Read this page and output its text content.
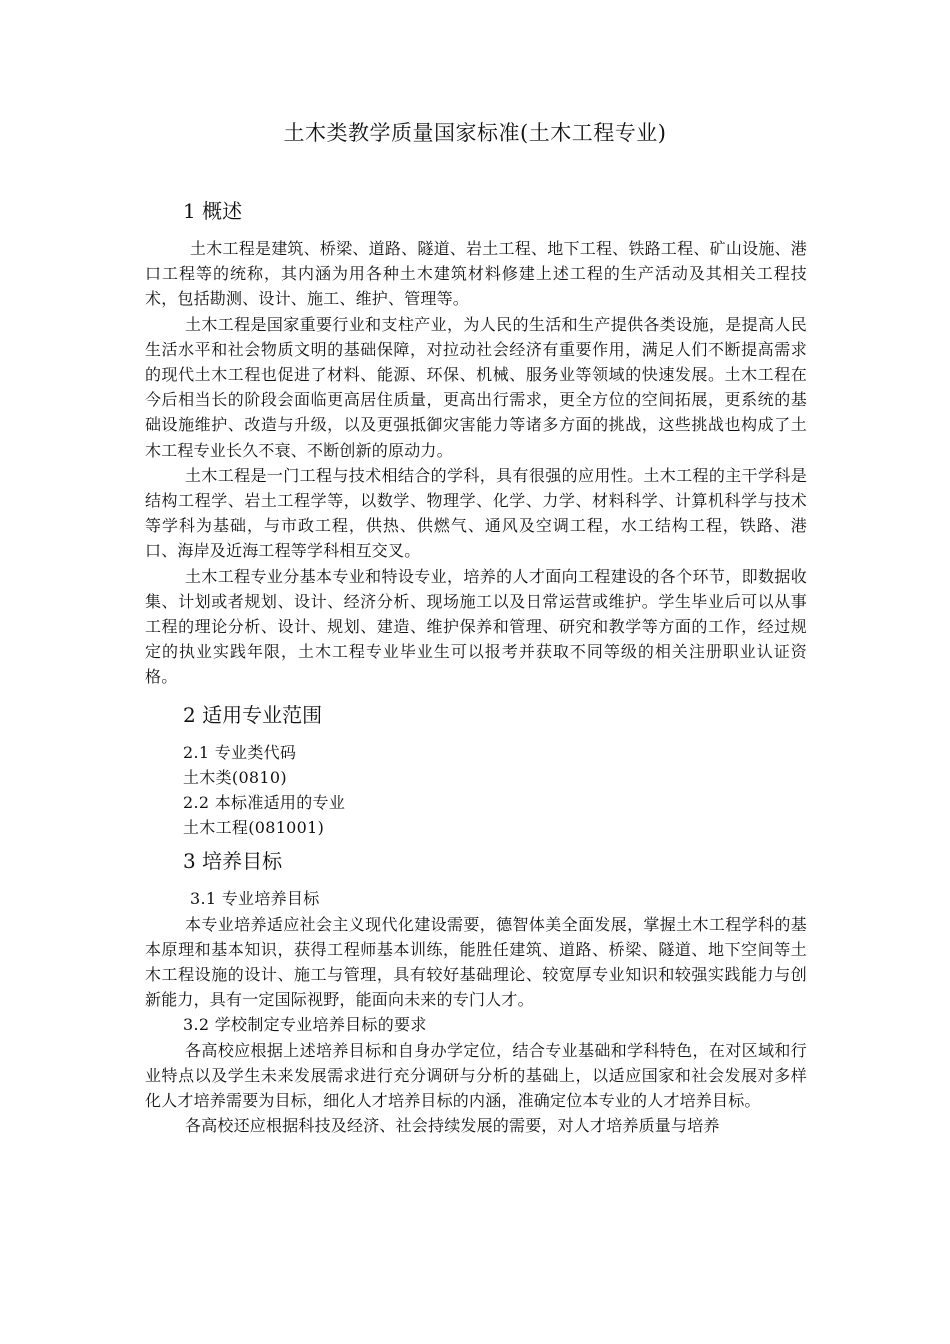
土木类教学质量国家标准(土木工程专业)
1 概述

土木工程是建筑、桥梁、道路、隧道、岩土工程、地下工程、铁路工程、矿山设施、港口工程等的统称，其内涵为用各种土木建筑材料修建上述工程的生产活动及其相关工程技术，包括勘测、设计、施工、维护、管理等。

土木工程是国家重要行业和支柱产业，为人民的生活和生产提供各类设施，是提高人民生活水平和社会物质文明的基础保障，对拉动社会经济有重要作用，满足人们不断提高需求的现代土木工程也促进了材料、能源、环保、机械、服务业等领域的快速发展。土木工程在今后相当长的阶段会面临更高居住质量，更高出行需求，更全方位的空间拓展，更系统的基础设施维护、改造与升级，以及更强抵御灾害能力等诸多方面的挑战，这些挑战也构成了土木工程专业长久不衰、不断创新的原动力。

土木工程是一门工程与技术相结合的学科，具有很强的应用性。土木工程的主干学科是结构工程学、岩土工程学等，以数学、物理学、化学、力学、材料科学、计算机科学与技术等学科为基础，与市政工程，供热、供燃气、通风及空调工程，水工结构工程，铁路、港口、海岸及近海工程等学科相互交叉。

土木工程专业分基本专业和特设专业，培养的人才面向工程建设的各个环节，即数据收集、计划或者规划、设计、经济分析、现场施工以及日常运营或维护。学生毕业后可以从事工程的理论分析、设计、规划、建造、维护保养和管理、研究和教学等方面的工作，经过规定的执业实践年限，土木工程专业毕业生可以报考并获取不同等级的相关注册职业认证资格。

2 适用专业范围

2.1 专业类代码

土木类(0810)

2.2 本标准适用的专业

土木工程(081001)

3 培养目标

3.1 专业培养目标

本专业培养适应社会主义现代化建设需要，德智体美全面发展，掌握土木工程学科的基本原理和基本知识，获得工程师基本训练，能胜任建筑、道路、桥梁、隧道、地下空间等土木工程设施的设计、施工与管理，具有较好基础理论、较宽厚专业知识和较强实践能力与创新能力，具有一定国际视野，能面向未来的专门人才。

3.2 学校制定专业培养目标的要求

各高校应根据上述培养目标和自身办学定位，结合专业基础和学科特色，在对区域和行业特点以及学生未来发展需求进行充分调研与分析的基础上，以适应国家和社会发展对多样化人才培养需要为目标，细化人才培养目标的内涵，准确定位本专业的人才培养目标。

各高校还应根据科技及经济、社会持续发展的需要，对人才培养质量与培养
